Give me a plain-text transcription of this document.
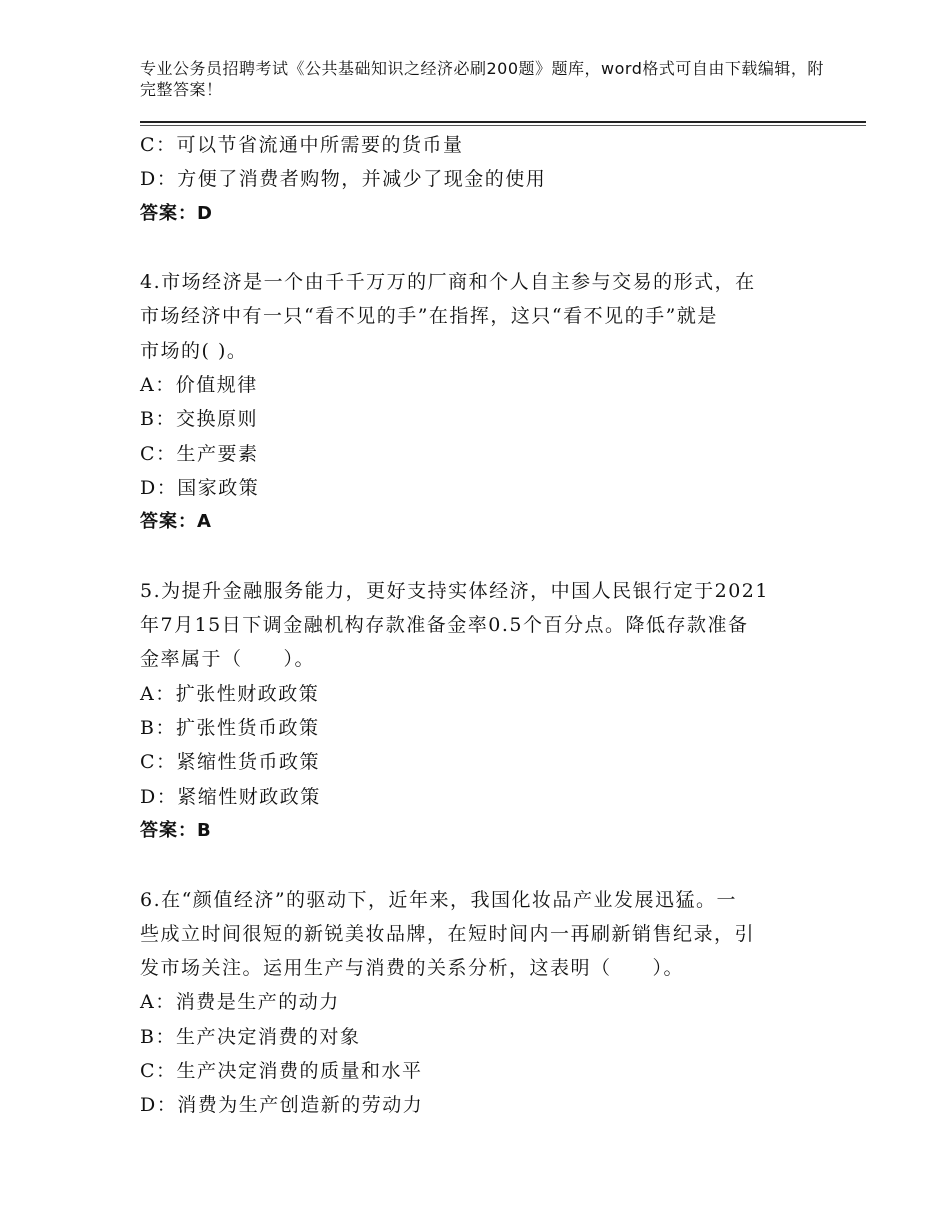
专业公务员招聘考试《公共基础知识之经济必刷200题》题库，word格式可自由下载编辑，附完整答案！
C：可以节省流通中所需要的货币量
D：方便了消费者购物，并减少了现金的使用
答案：D
4.市场经济是一个由千千万万的厂商和个人自主参与交易的形式，在
市场经济中有一只“看不见的手”在指挥，这只“看不见的手”就是
市场的( )。
A：价值规律
B：交换原则
C：生产要素
D：国家政策
答案：A
5.为提升金融服务能力，更好支持实体经济，中国人民银行定于2021
年7月15日下调金融机构存款准备金率0.5个百分点。降低存款准备
金率属于（　　）。
A：扩张性财政政策
B：扩张性货币政策
C：紧缩性货币政策
D：紧缩性财政政策
答案：B
6.在“颜值经济”的驱动下，近年来，我国化妆品产业发展迅猛。一
些成立时间很短的新锐美妆品牌，在短时间内一再刷新销售纪录，引
发市场关注。运用生产与消费的关系分析，这表明（　　）。
A：消费是生产的动力
B：生产决定消费的对象
C：生产决定消费的质量和水平
D：消费为生产创造新的劳动力
